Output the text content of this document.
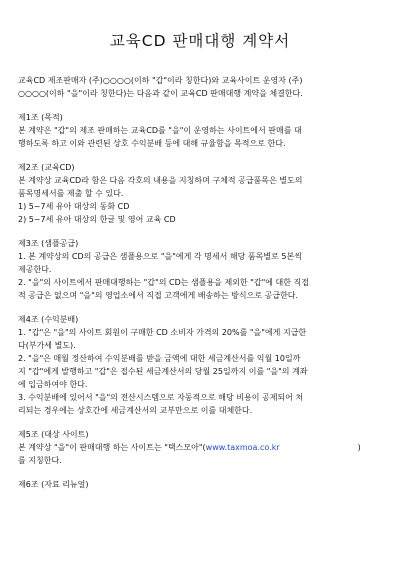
교육CD 판매대행 계약서

교육CD 제조판매자 (주)○○○○(이하 "갑"이라 칭한다)와 교육사이트 운영자 (주)

○○○○(이하 "을"이라 칭한다)는 다음과 같이 교육CD 판매대행 계약을 체결한다.

제1조 (목적)

본 계약은 "갑"의 제조 판매하는 교육CD를 "을"이 운영하는 사이트에서 판매를 대

행하도록 하고 이와 관련된 상호 수익분배 등에 대해 규율함을 목적으로 한다.

제2조 (교육CD)

본 계약상 교육CD라 함은 다음 각호의 내용을 지칭하며 구체적 공급품목은 별도의

품목명세서를 제출 할 수 있다.

1) 5~7세 유아 대상의 동화 CD

2) 5~7세 유아 대상의 한글 및 영어 교육 CD

제3조 (샘플공급)

1. 본 계약상의 CD의 공급은 샘플용으로 "을"에게 각 명세서 해당 품목별로 5본씩

제공한다.

2. "을"의 사이트에서 판매대행하는 "갑"의 CD는 샘플용을 제외한 "갑"에 대한 직접

적 공급은 없으며 "을"의 영업소에서 직접 고객에게 배송하는 방식으로 공급한다.

제4조 (수익분배)

1. "갑"은 "을"의 사이트 회원이 구매한 CD 소비자 가격의 20%를 "을"에게 지급한

다(부가세 별도).

2. "을"은 매월 정산하여 수익분배를 받을 금액에 대한 세금계산서를 익월 10일까

지 "갑"에게 발행하고 "갑"은 접수된 세금계산서의 당월 25일까지 이를 "을"의 계좌

에 입금하여야 한다.

3. 수익분배에 있어서 "을"의 전산시스템으로 자동적으로 해당 비용이 공제되어 처

리되는 경우에는 상호간에 세금계산서의 교부만으로 이를 대체한다.

제5조 (대상 사이트)

본 계약상 "을"이 판매대행 하는 사이트는 "택스모아"(www.taxmoa.co.kr	)

를 지칭한다.

제6조 (자료 리뉴얼)
